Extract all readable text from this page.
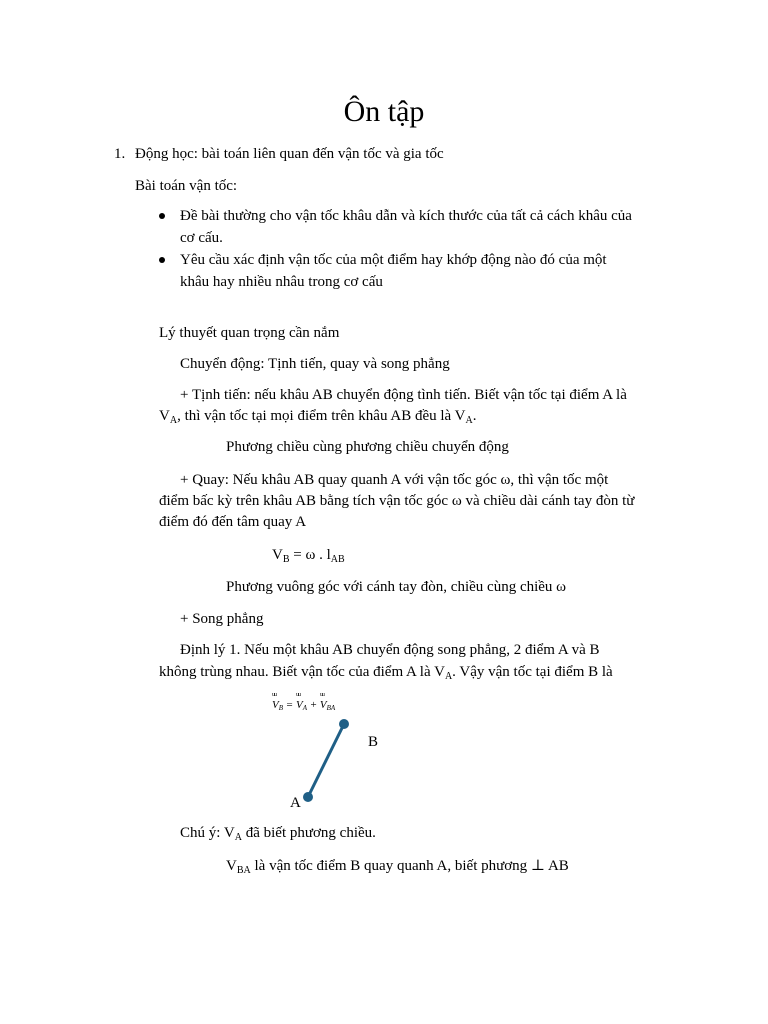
Ôn tập
1. Động học: bài toán liên quan đến vận tốc và gia tốc
Bài toán vận tốc:
Đề bài thường cho vận tốc khâu dẫn và kích thước của tất cả cách khâu của
cơ cấu.
Yêu cầu xác định vận tốc của một điểm hay khớp động nào đó của một
khâu hay nhiều nhâu trong cơ cấu
Lý thuyết quan trọng cần nắm
Chuyển động: Tịnh tiến, quay và song phẳng
+ Tịnh tiến: nếu khâu AB chuyển động tình tiến. Biết vận tốc tại điểm A là
$V_A$, thì vận tốc tại mọi điểm trên khâu AB đều là $V_A$.
Phương chiều cùng phương chiều chuyển động
+ Quay: Nếu khâu AB quay quanh A với vận tốc góc ω, thì vận tốc một
điểm bấc kỳ trên khâu AB bằng tích vận tốc góc ω và chiều dài cánh tay đòn từ
điểm đó đến tâm quay A
$V_B = \omega$ . $l_{AB}$
Phương vuông góc với cánh tay đòn, chiều cùng chiều ω
+ Song phẳng
Định lý 1. Nếu một khâu AB chuyển động song phẳng, 2 điểm A và B
không trùng nhau. Biết vận tốc của điểm A là $V_A$. Vậy vận tốc tại điểm B là
uu
$V_B$ =
uu
$V_A$ +
uu
$V_{BA}$
B
A
Chú ý: $V_A$ đã biết phương chiều.
$V_{BA}$ là vận tốc điểm B quay quanh A, biết phương ⊥ AB
